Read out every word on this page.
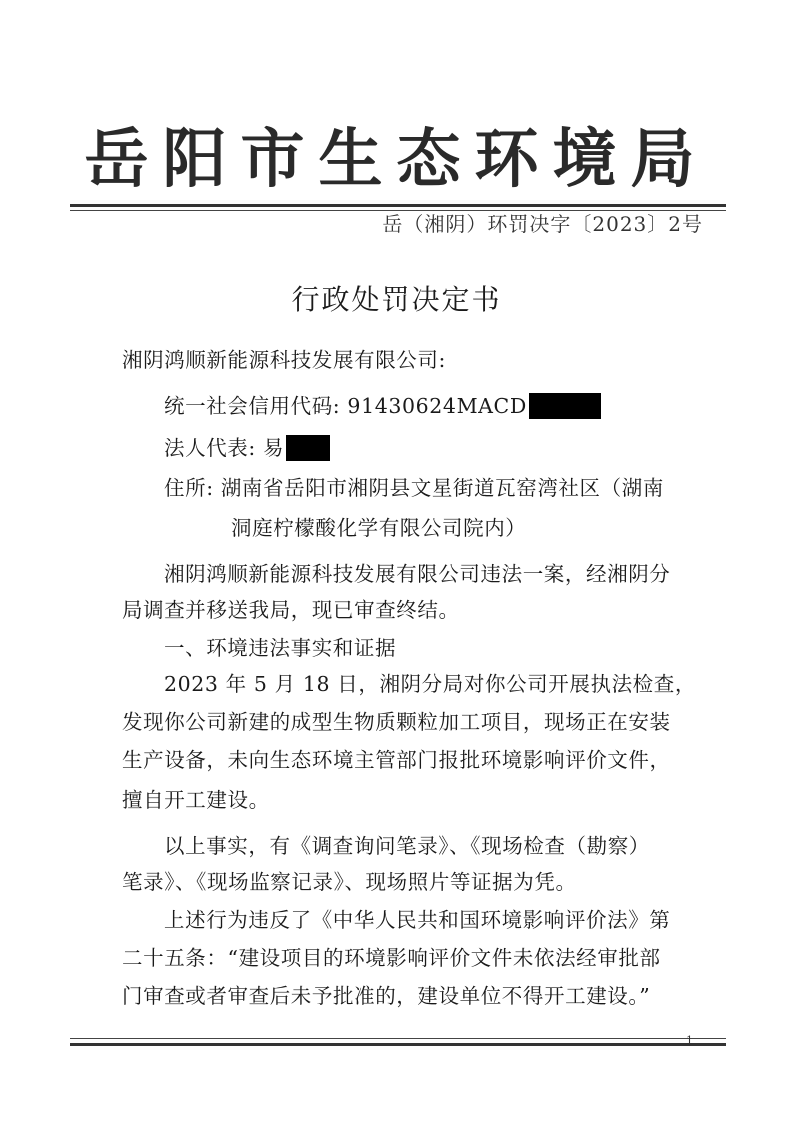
岳阳市生态环境局
岳（湘阴）环罚决字〔2023〕2号
行政处罚决定书
湘阴鸿顺新能源科技发展有限公司:
统一社会信用代码: 91430624MACD
法人代表: 易
住所: 湖南省岳阳市湘阴县文星街道瓦窑湾社区（湖南
洞庭柠檬酸化学有限公司院内）
湘阴鸿顺新能源科技发展有限公司违法一案，经湘阴分
局调查并移送我局，现已审查终结。
一、环境违法事实和证据
2023 年 5 月 18 日，湘阴分局对你公司开展执法检查，
发现你公司新建的成型生物质颗粒加工项目，现场正在安装
生产设备，未向生态环境主管部门报批环境影响评价文件，
擅自开工建设。
以上事实，有《调查询问笔录》、《现场检查（勘察）
笔录》、《现场监察记录》、现场照片等证据为凭。
上述行为违反了《中华人民共和国环境影响评价法》第
二十五条：“建设项目的环境影响评价文件未依法经审批部
门审查或者审查后未予批准的，建设单位不得开工建设。”
1
